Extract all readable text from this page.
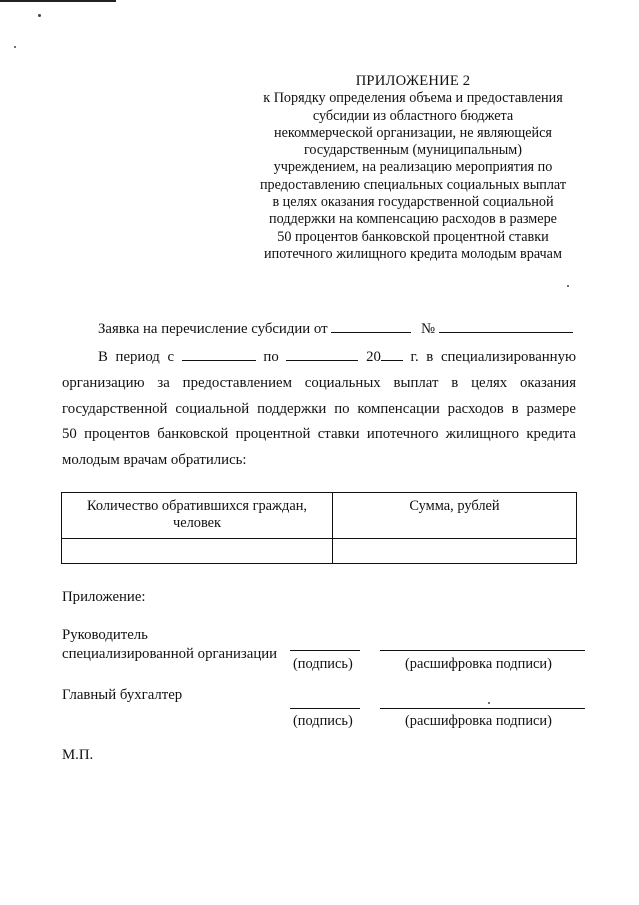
ПРИЛОЖЕНИЕ 2
к Порядку определения объема и предоставления
субсидии из областного бюджета
некоммерческой организации, не являющейся
государственным (муниципальным)
учреждением, на реализацию мероприятия по
предоставлению специальных социальных выплат
в целях оказания государственной социальной
поддержки на компенсацию расходов в размере
50 процентов банковской процентной ставки
ипотечного жилищного кредита молодым врачам
Заявка на перечисление субсидии от	№
В период с	по	20 г. в специализированную
организацию за предоставлением социальных выплат в целях оказания
государственной социальной поддержки по компенсации расходов в размере
50 процентов банковской процентной ставки ипотечного жилищного кредита
молодым врачам обратились:
Количество обратившихся граждан, человек	Сумма, рублей

Приложение:
Руководитель
специализированной организации
(подпись)	(расшифровка подписи)
Главный бухгалтер
(подпись)	(расшифровка подписи)
М.П.
